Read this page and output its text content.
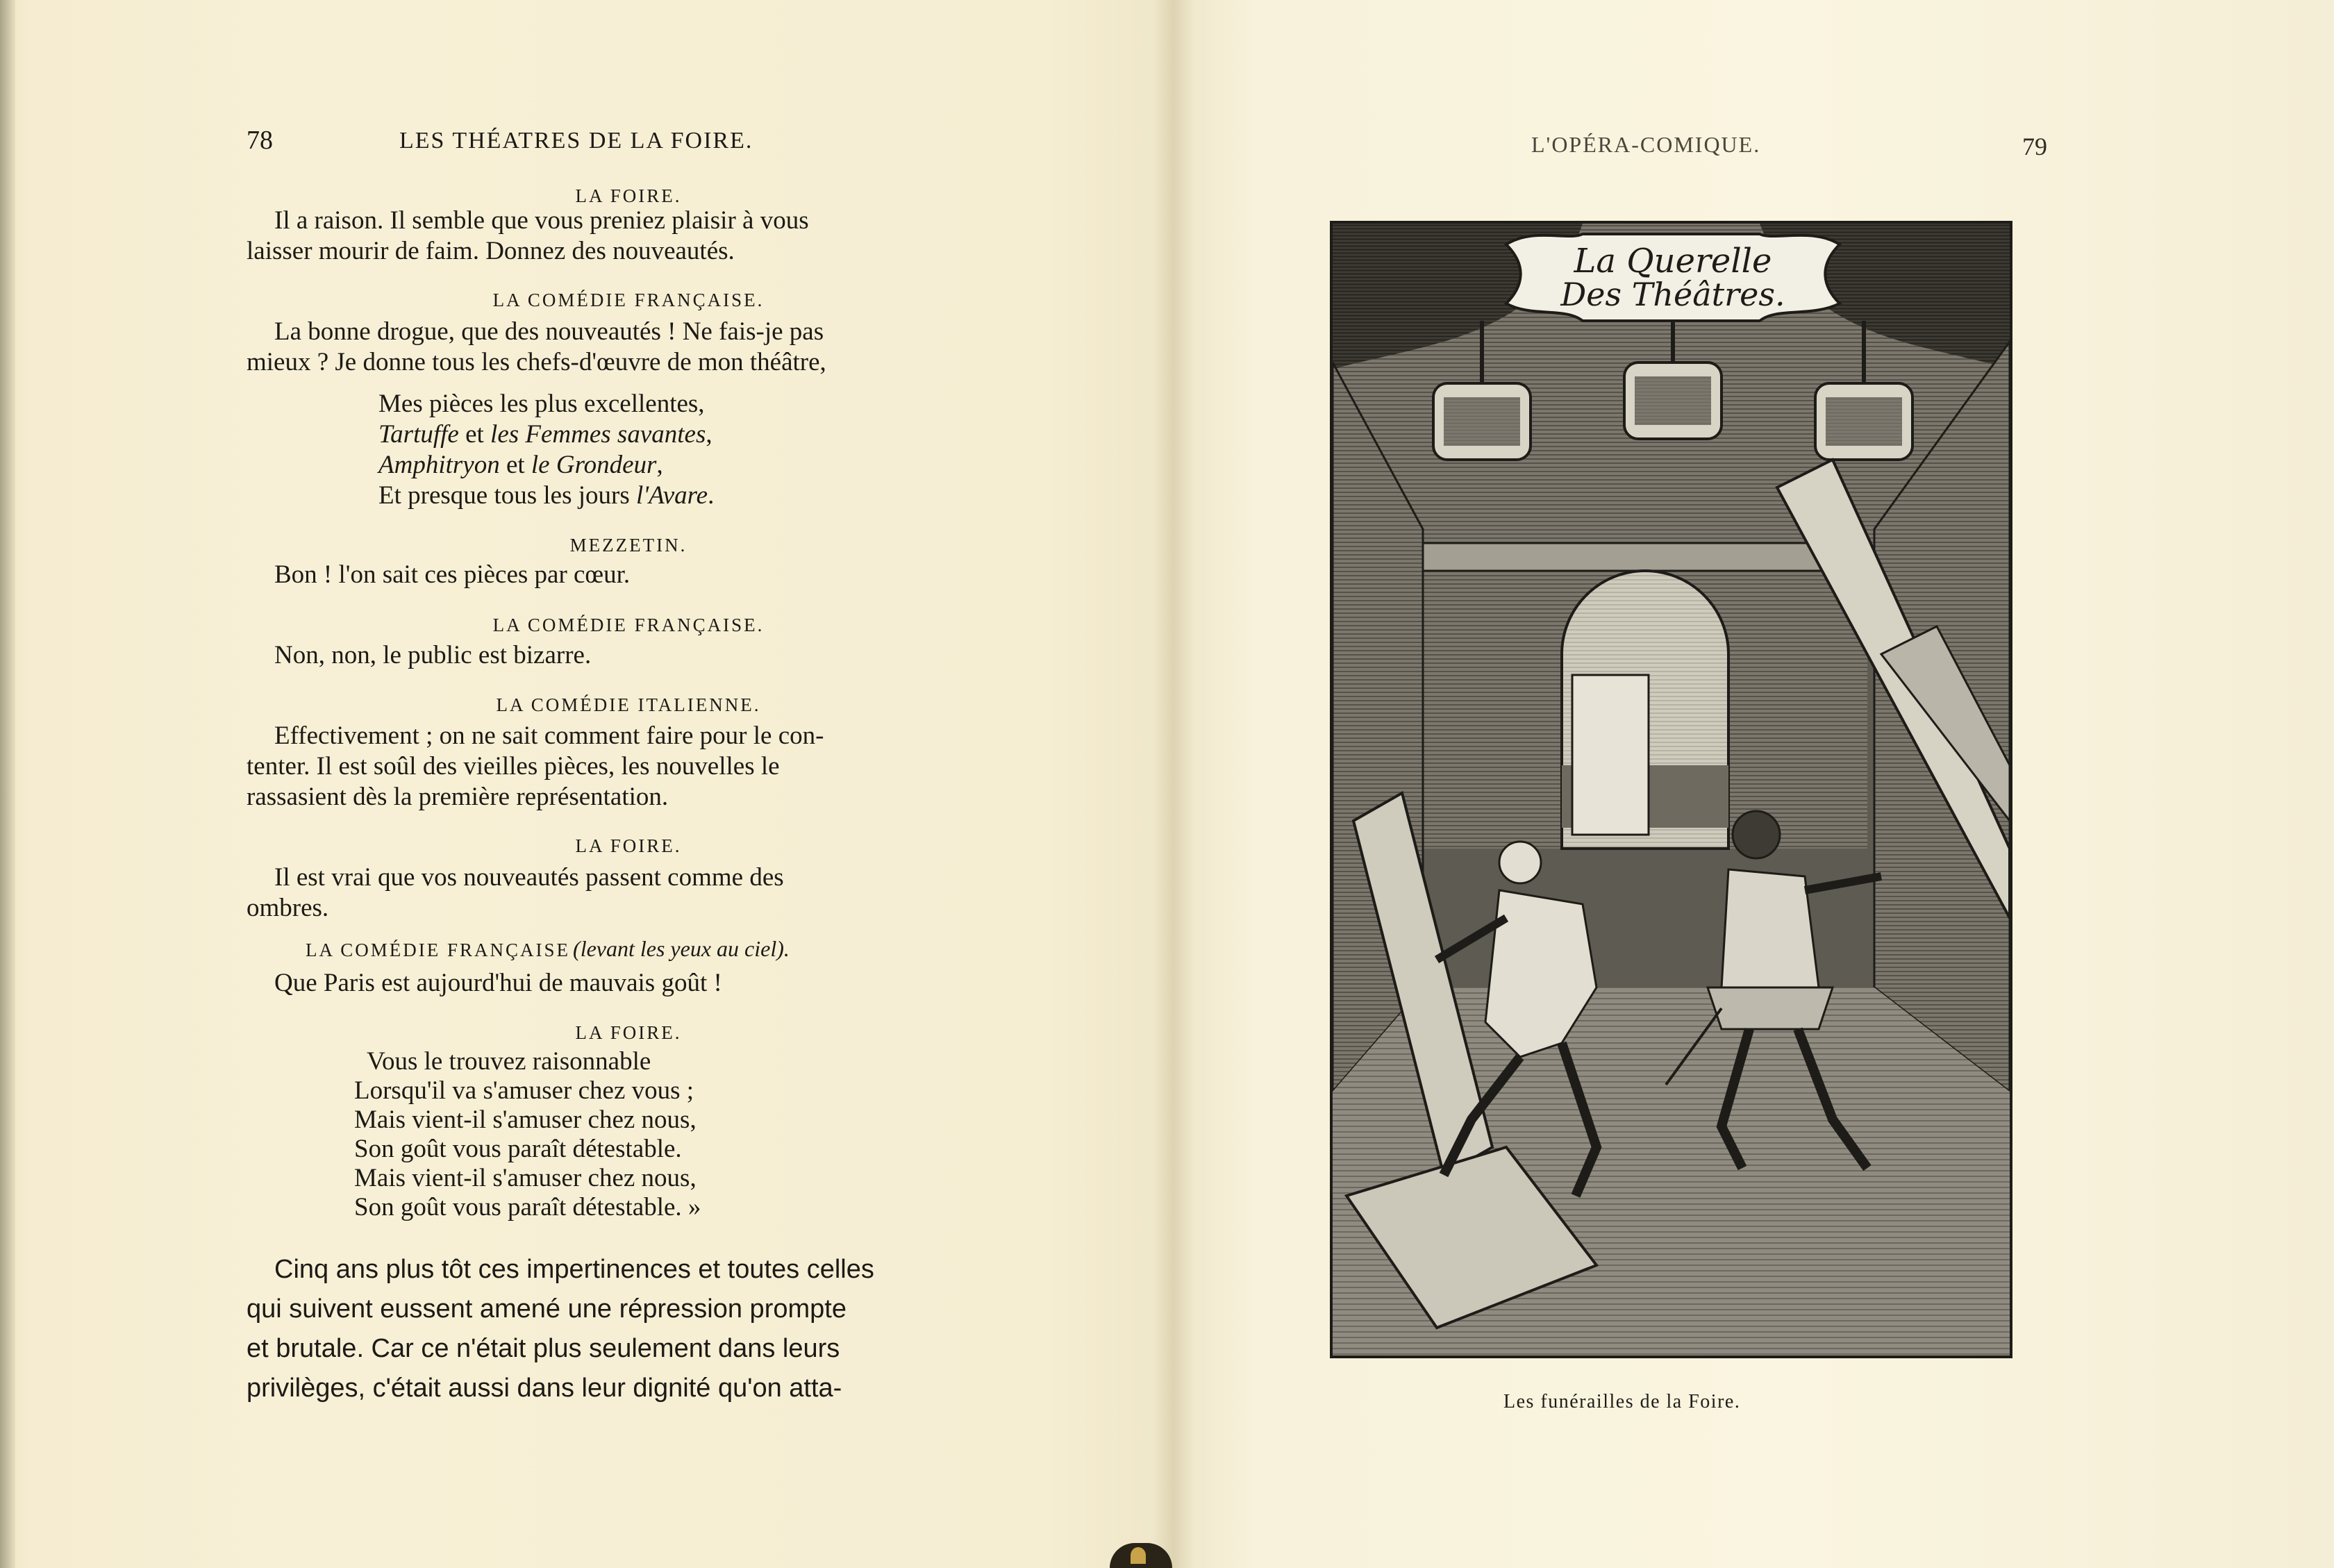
78	LES THÉATRES DE LA FOIRE.
LA FOIRE.
Il a raison. Il semble que vous preniez plaisir à vous
laisser mourir de faim. Donnez des nouveautés.
LA COMÉDIE FRANÇAISE.
La bonne drogue, que des nouveautés ! Ne fais-je pas
mieux ? Je donne tous les chefs-d'œuvre de mon théâtre,
Mes pièces les plus excellentes,
Tartuffe et les Femmes savantes,
Amphitryon et le Grondeur,
Et presque tous les jours l'Avare.
MEZZETIN.
Bon ! l'on sait ces pièces par cœur.
LA COMÉDIE FRANÇAISE.
Non, non, le public est bizarre.
LA COMÉDIE ITALIENNE.
Effectivement ; on ne sait comment faire pour le con-
tenter. Il est soûl des vieilles pièces, les nouvelles le
rassasient dès la première représentation.
LA FOIRE.
Il est vrai que vos nouveautés passent comme des
ombres.
LA COMÉDIE FRANÇAISE (levant les yeux au ciel).
Que Paris est aujourd'hui de mauvais goût !
LA FOIRE.
Vous le trouvez raisonnable
Lorsqu'il va s'amuser chez vous ;
Mais vient-il s'amuser chez nous,
Son goût vous paraît détestable.
Mais vient-il s'amuser chez nous,
Son goût vous paraît détestable. »
Cinq ans plus tôt ces impertinences et toutes celles
qui suivent eussent amené une répression prompte
et brutale. Car ce n'était plus seulement dans leurs
privilèges, c'était aussi dans leur dignité qu'on atta-
L'OPÉRA-COMIQUE.	79
La Querelle
Des Théâtres.
Les funérailles de la Foire.
